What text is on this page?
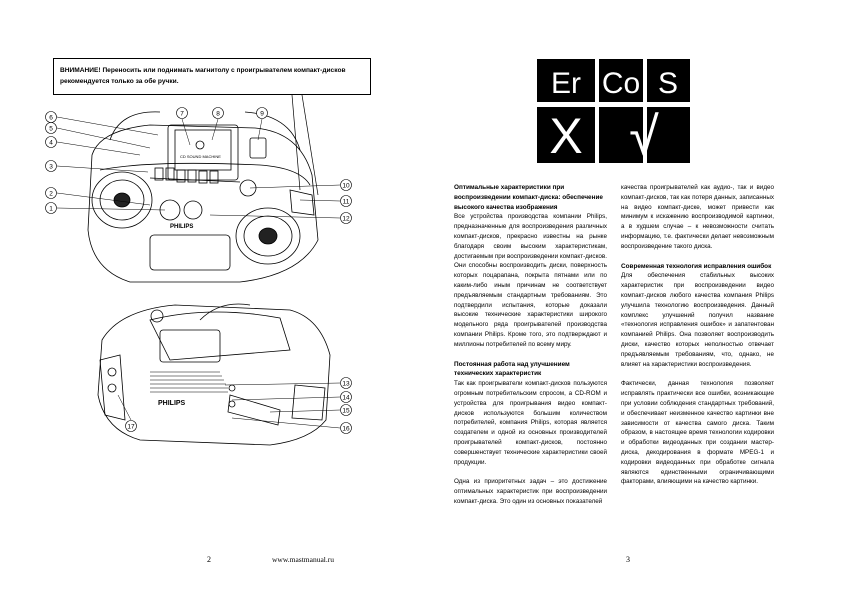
ВНИМАНИЕ! Переносить или поднимать магнитолу с проигрывателем компакт-дисков рекомендуется только за обе ручки.
CD SOUND MACHINE
PHILIPS
1
2
3
4
5
6
7	8	9
10
11
12
PHILIPS
13
14
15
16
17
2	www.mastmanual.ru
Er Co S
X √
Оптимальные характеристики при воспроизведении компакт-диска: обеспечение высокого качества изображения

Все устройства производства компании Philips, предназначенные для воспроизведения различных компакт-дисков, прекрасно известны на рынке благодаря своим высоким характеристикам, достигаемым при воспроизведении компакт-дисков. Они способны воспроизводить диски, поверхность которых поцарапана, покрыта пятнами или по каким-либо иным причинам не соответствует предъявляемым стандартным требованиям. Это подтвердили испытания, которые доказали высокие технические характеристики широкого модельного ряда проигрывателей производства компании Philips. Кроме того, это подтверждают и миллионы потребителей по всему миру.

Постоянная работа над улучшением технических характеристик

Так как проигрыватели компакт-дисков пользуются огромным потребительским спросом, а CD-ROM и устройства для проигрывания видео компакт-дисков используются большим количеством потребителей, компания Philips, которая является создателем и одной из основных производителей проигрывателей компакт-дисков, постоянно совершенствует технические характеристики своей продукции.

Одна из приоритетных задач – это достижение оптимальных характеристик при воспроизведении компакт-диска. Это один из основных показателей

качества проигрывателей как аудио-, так и видео компакт-дисков, так как потеря данных, записанных на видео компакт-диске, может привести как минимум к искажению воспроизводимой картинки, а в худшем случае – к невозможности считать информацию, т.е. фактически делает невозможным воспроизведение такого диска.

Современная технология исправления ошибок

Для обеспечения стабильных высоких характеристик при воспроизведении видео компакт-дисков любого качества компания Philips улучшила технологию воспроизведения. Данный комплекс улучшений получил название «технология исправления ошибок» и запатентован компанией Philips. Она позволяет воспроизводить диски, качество которых неполностью отвечает предъявляемым требованиям, что, однако, не влияет на характеристики воспроизведения.

Фактически, данная технология позволяет исправлять практически все ошибки, возникающие при условии соблюдения стандартных требований, и обеспечивает неизменное качество картинки вне зависимости от качества самого диска. Таким образом, в настоящее время технологии кодировки и обработки видеоданных при создании мастер-диска, декодирования в формате MPEG-1 и кодировки видеоданных при обработке сигнала являются единственными ограничивающими факторами, влияющими на качество картинки.

3
